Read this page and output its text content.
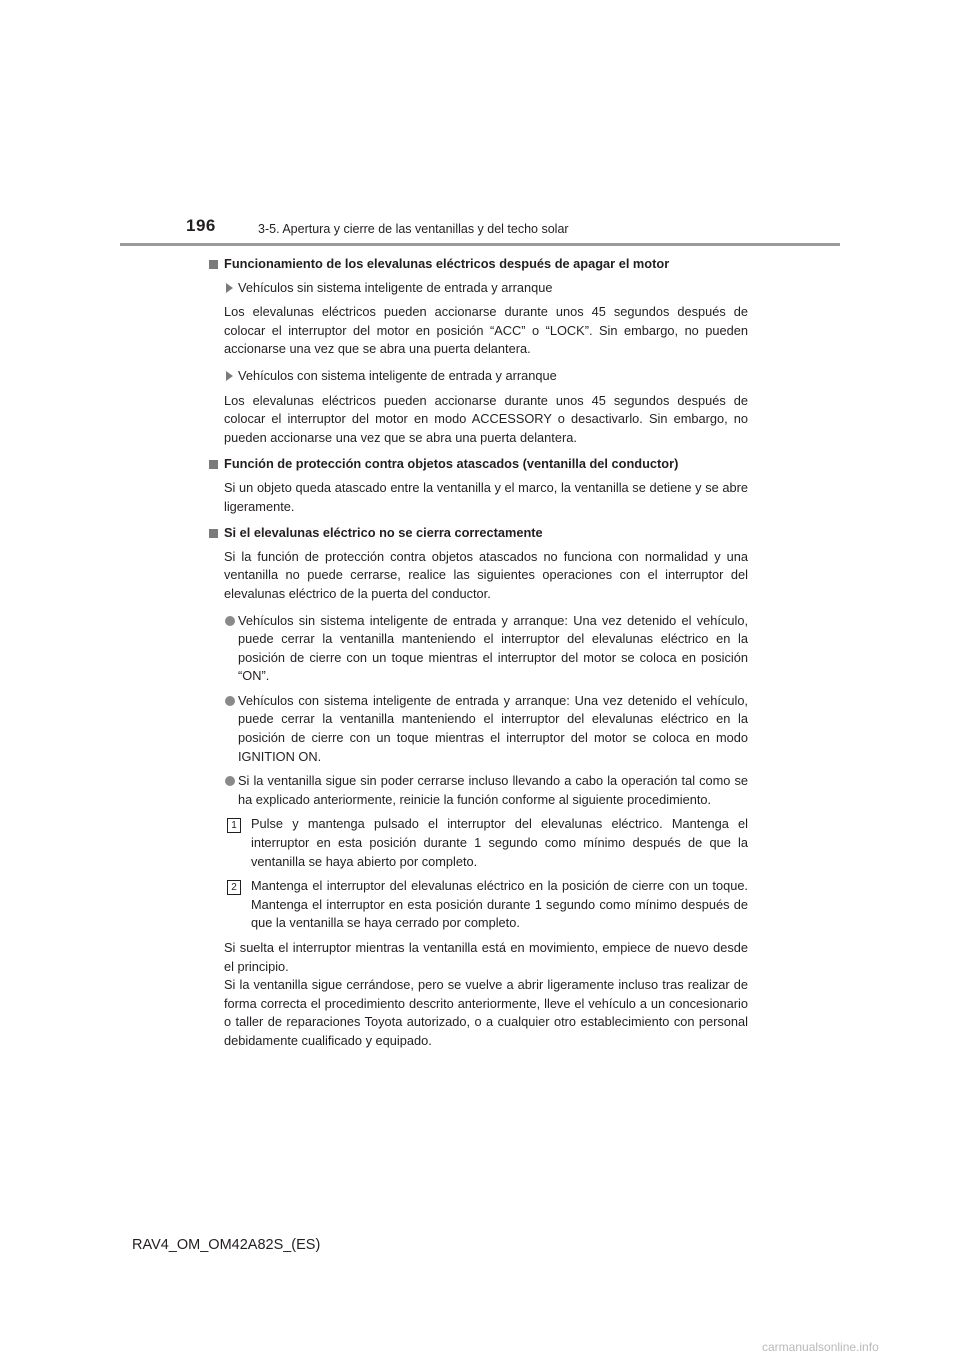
196	3-5. Apertura y cierre de las ventanillas y del techo solar
Funcionamiento de los elevalunas eléctricos después de apagar el motor
Vehículos sin sistema inteligente de entrada y arranque
Los elevalunas eléctricos pueden accionarse durante unos 45 segundos después de colocar el interruptor del motor en posición “ACC” o “LOCK”. Sin embargo, no pueden accionarse una vez que se abra una puerta delantera.
Vehículos con sistema inteligente de entrada y arranque
Los elevalunas eléctricos pueden accionarse durante unos 45 segundos después de colocar el interruptor del motor en modo ACCESSORY o desactivarlo. Sin embargo, no pueden accionarse una vez que se abra una puerta delantera.
Función de protección contra objetos atascados (ventanilla del conductor)
Si un objeto queda atascado entre la ventanilla y el marco, la ventanilla se detiene y se abre ligeramente.
Si el elevalunas eléctrico no se cierra correctamente
Si la función de protección contra objetos atascados no funciona con normalidad y una ventanilla no puede cerrarse, realice las siguientes operaciones con el interruptor del elevalunas eléctrico de la puerta del conductor.
Vehículos sin sistema inteligente de entrada y arranque: Una vez detenido el vehículo, puede cerrar la ventanilla manteniendo el interruptor del elevalunas eléctrico en la posición de cierre con un toque mientras el interruptor del motor se coloca en posición “ON”.
Vehículos con sistema inteligente de entrada y arranque: Una vez detenido el vehículo, puede cerrar la ventanilla manteniendo el interruptor del elevalunas eléctrico en la posición de cierre con un toque mientras el interruptor del motor se coloca en modo IGNITION ON.
Si la ventanilla sigue sin poder cerrarse incluso llevando a cabo la operación tal como se ha explicado anteriormente, reinicie la función conforme al siguiente procedimiento.
1	Pulse y mantenga pulsado el interruptor del elevalunas eléctrico. Mantenga el interruptor en esta posición durante 1 segundo como mínimo después de que la ventanilla se haya abierto por completo.
2	Mantenga el interruptor del elevalunas eléctrico en la posición de cierre con un toque. Mantenga el interruptor en esta posición durante 1 segundo como mínimo después de que la ventanilla se haya cerrado por completo.
Si suelta el interruptor mientras la ventanilla está en movimiento, empiece de nuevo desde el principio.
Si la ventanilla sigue cerrándose, pero se vuelve a abrir ligeramente incluso tras realizar de forma correcta el procedimiento descrito anteriormente, lleve el vehículo a un concesionario o taller de reparaciones Toyota autorizado, o a cualquier otro establecimiento con personal debidamente cualificado y equipado.
RAV4_OM_OM42A82S_(ES)
carmanualsonline.info
